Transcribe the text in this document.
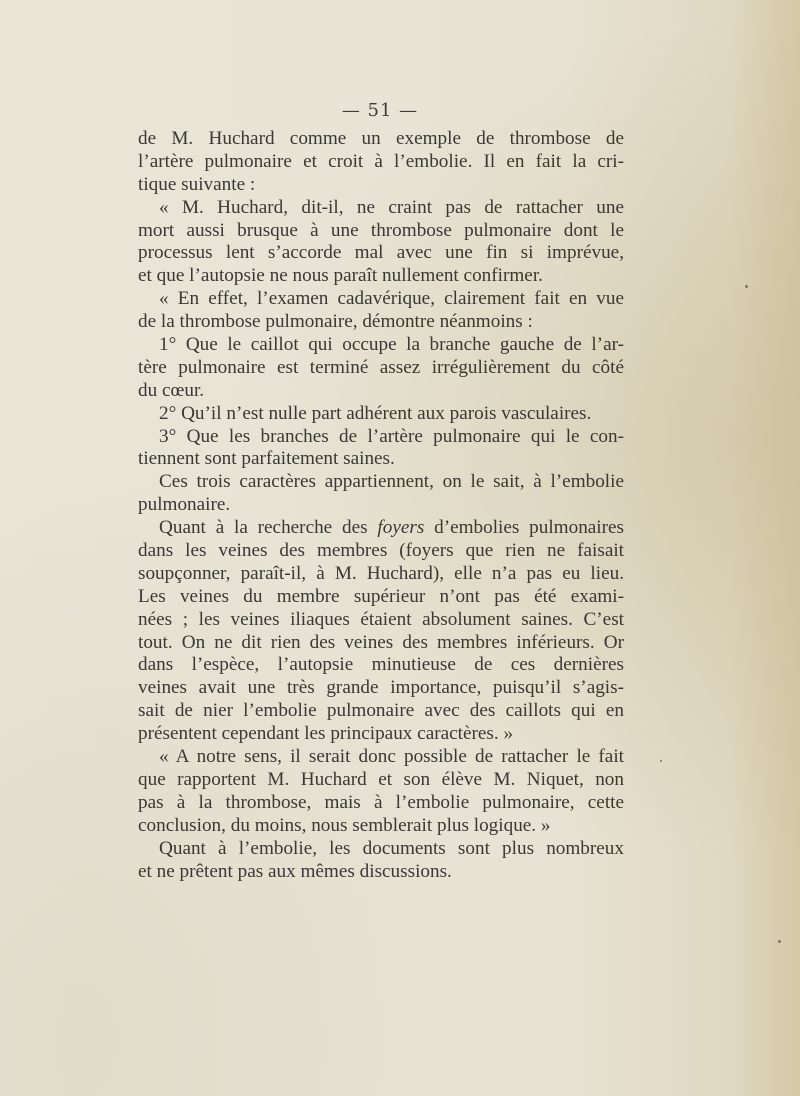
— 51 —
de M. Huchard comme un exemple de thrombose de
l’artère pulmonaire et croit à l’embolie. Il en fait la cri-
tique suivante :
« M. Huchard, dit-il, ne craint pas de rattacher une
mort aussi brusque à une thrombose pulmonaire dont le
processus lent s’accorde mal avec une fin si imprévue,
et que l’autopsie ne nous paraît nullement confirmer.
« En effet, l’examen cadavérique, clairement fait en vue
de la thrombose pulmonaire, démontre néanmoins :
1° Que le caillot qui occupe la branche gauche de l’ar-
tère pulmonaire est terminé assez irrégulièrement du côté
du cœur.
2° Qu’il n’est nulle part adhérent aux parois vasculaires.
3° Que les branches de l’artère pulmonaire qui le con-
tiennent sont parfaitement saines.
Ces trois caractères appartiennent, on le sait, à l’embolie
pulmonaire.
Quant à la recherche des foyers d’embolies pulmonaires
dans les veines des membres (foyers que rien ne faisait
soupçonner, paraît-il, à M. Huchard), elle n’a pas eu lieu.
Les veines du membre supérieur n’ont pas été exami-
nées ; les veines iliaques étaient absolument saines. C’est
tout. On ne dit rien des veines des membres inférieurs. Or
dans l’espèce, l’autopsie minutieuse de ces dernières
veines avait une très grande importance, puisqu’il s’agis-
sait de nier l’embolie pulmonaire avec des caillots qui en
présentent cependant les principaux caractères. »
« A notre sens, il serait donc possible de rattacher le fait
que rapportent M. Huchard et son élève M. Niquet, non
pas à la thrombose, mais à l’embolie pulmonaire, cette
conclusion, du moins, nous semblerait plus logique. »
Quant à l’embolie, les documents sont plus nombreux
et ne prêtent pas aux mêmes discussions.
